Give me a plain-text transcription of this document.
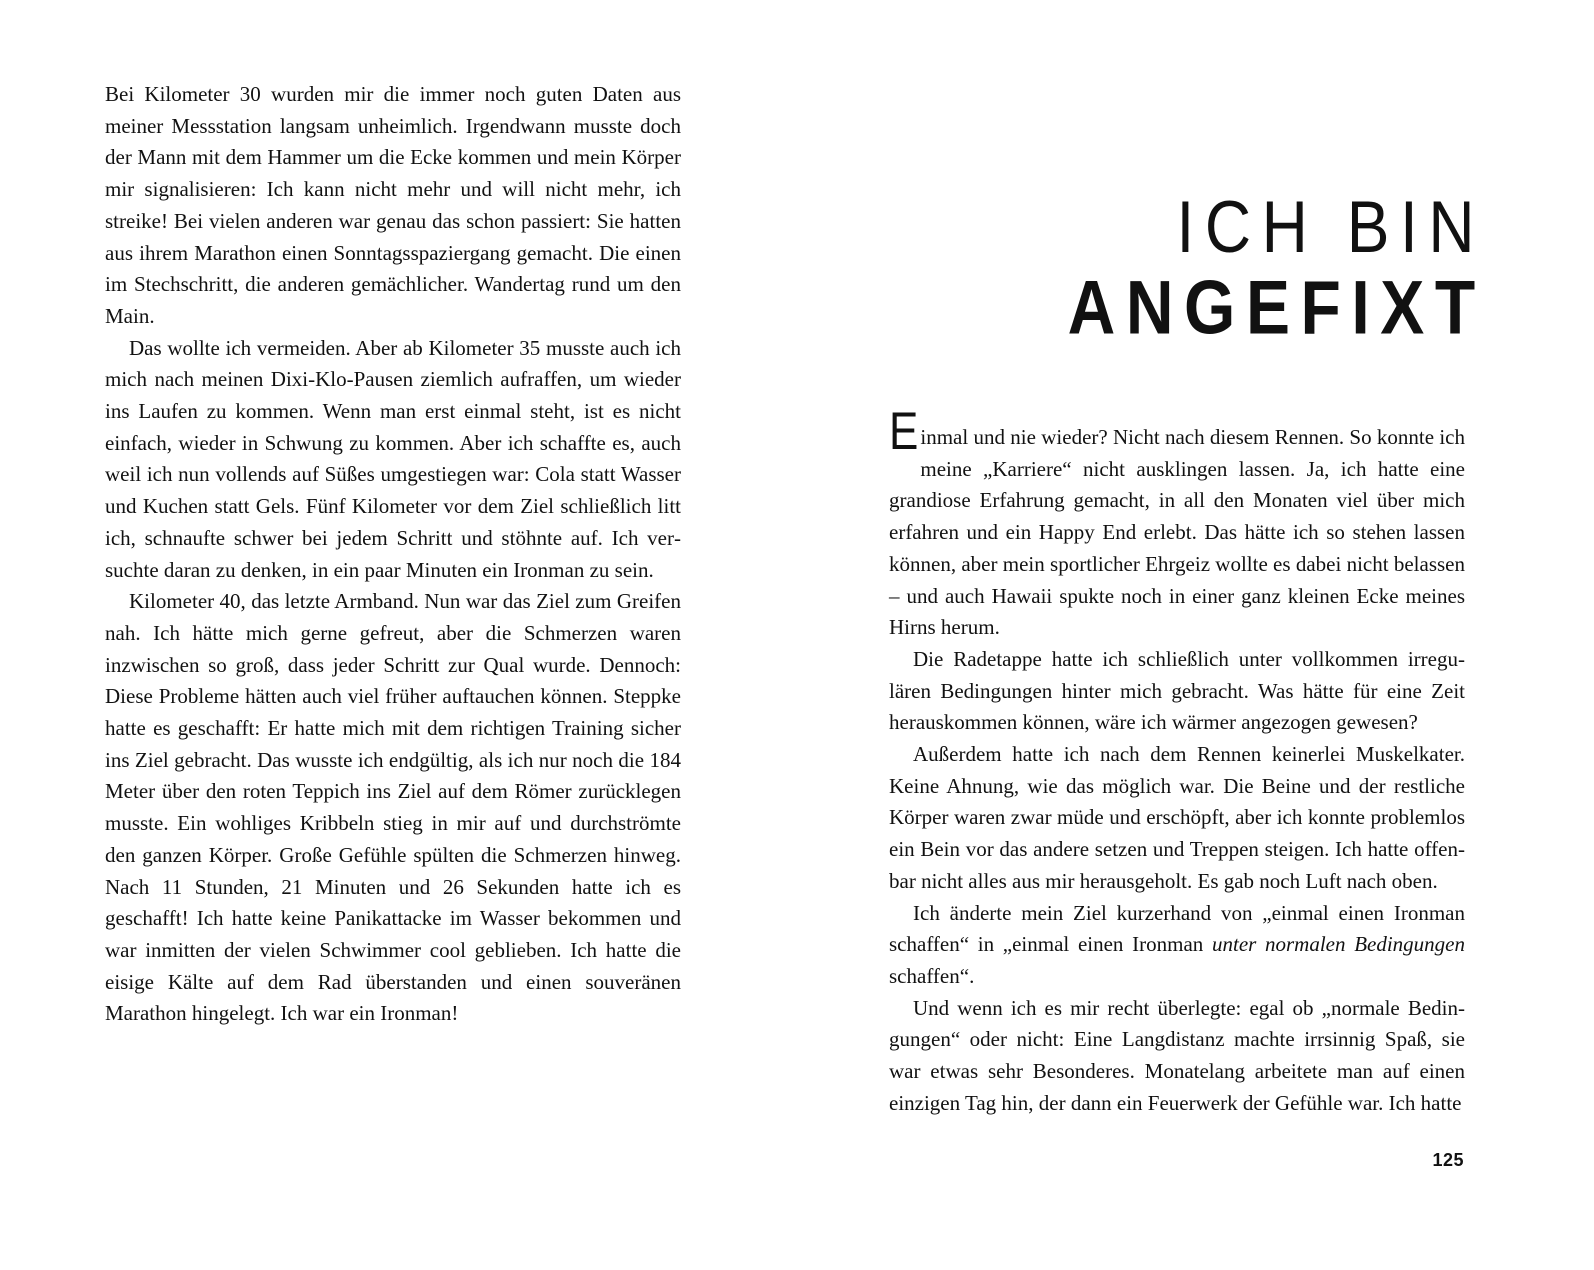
Bei Kilometer 30 wurden mir die immer noch guten Daten aus meiner Messstation langsam unheimlich. Irgendwann musste doch der Mann mit dem Hammer um die Ecke kommen und mein Körper mir signalisieren: Ich kann nicht mehr und will nicht mehr, ich streike! Bei vielen anderen war genau das schon passiert: Sie hatten aus ihrem Marathon einen Sonntagsspaziergang gemacht. Die einen im Stechschritt, die anderen gemächlicher. Wandertag rund um den Main.

Das wollte ich vermeiden. Aber ab Kilometer 35 musste auch ich mich nach meinen Dixi-Klo-Pausen ziemlich aufraffen, um wieder ins Laufen zu kommen. Wenn man erst einmal steht, ist es nicht einfach, wieder in Schwung zu kommen. Aber ich schaffte es, auch weil ich nun vollends auf Süßes umgestiegen war: Cola statt Wasser und Kuchen statt Gels. Fünf Kilometer vor dem Ziel schließlich litt ich, schnaufte schwer bei jedem Schritt und stöhnte auf. Ich versuchte daran zu denken, in ein paar Minuten ein Ironman zu sein.

Kilometer 40, das letzte Armband. Nun war das Ziel zum Greifen nah. Ich hätte mich gerne gefreut, aber die Schmerzen waren inzwischen so groß, dass jeder Schritt zur Qual wurde. Dennoch: Diese Probleme hätten auch viel früher auftauchen können. Steppke hatte es geschafft: Er hatte mich mit dem richtigen Training sicher ins Ziel gebracht. Das wusste ich endgültig, als ich nur noch die 184 Meter über den roten Teppich ins Ziel auf dem Römer zurücklegen musste. Ein wohliges Kribbeln stieg in mir auf und durchströmte den ganzen Körper. Große Gefühle spülten die Schmerzen hinweg. Nach 11 Stunden, 21 Minuten und 26 Sekunden hatte ich es geschafft! Ich hatte keine Panikattacke im Wasser bekommen und war inmitten der vielen Schwimmer cool geblieben. Ich hatte die eisige Kälte auf dem Rad überstanden und einen souveränen Marathon hingelegt. Ich war ein Ironman!

ICH BIN
ANGEFIXT

Einmal und nie wieder? Nicht nach diesem Rennen. So konnte ich meine „Karriere“ nicht ausklingen lassen. Ja, ich hatte eine grandiose Erfahrung gemacht, in all den Monaten viel über mich erfahren und ein Happy End erlebt. Das hätte ich so stehen lassen können, aber mein sportlicher Ehrgeiz wollte es dabei nicht belassen – und auch Hawaii spukte noch in einer ganz kleinen Ecke meines Hirns herum.

Die Radetappe hatte ich schließlich unter vollkommen irregulären Bedingungen hinter mich gebracht. Was hätte für eine Zeit herauskommen können, wäre ich wärmer angezogen gewesen?

Außerdem hatte ich nach dem Rennen keinerlei Muskelkater. Keine Ahnung, wie das möglich war. Die Beine und der restliche Körper waren zwar müde und erschöpft, aber ich konnte problemlos ein Bein vor das andere setzen und Treppen steigen. Ich hatte offenbar nicht alles aus mir herausgeholt. Es gab noch Luft nach oben.

Ich änderte mein Ziel kurzerhand von „einmal einen Ironman schaffen“ in „einmal einen Ironman unter normalen Bedingungen schaffen“.

Und wenn ich es mir recht überlegte: egal ob „normale Bedingungen“ oder nicht: Eine Langdistanz machte irrsinnig Spaß, sie war etwas sehr Besonderes. Monatelang arbeitete man auf einen einzigen Tag hin, der dann ein Feuerwerk der Gefühle war. Ich hatte

125
